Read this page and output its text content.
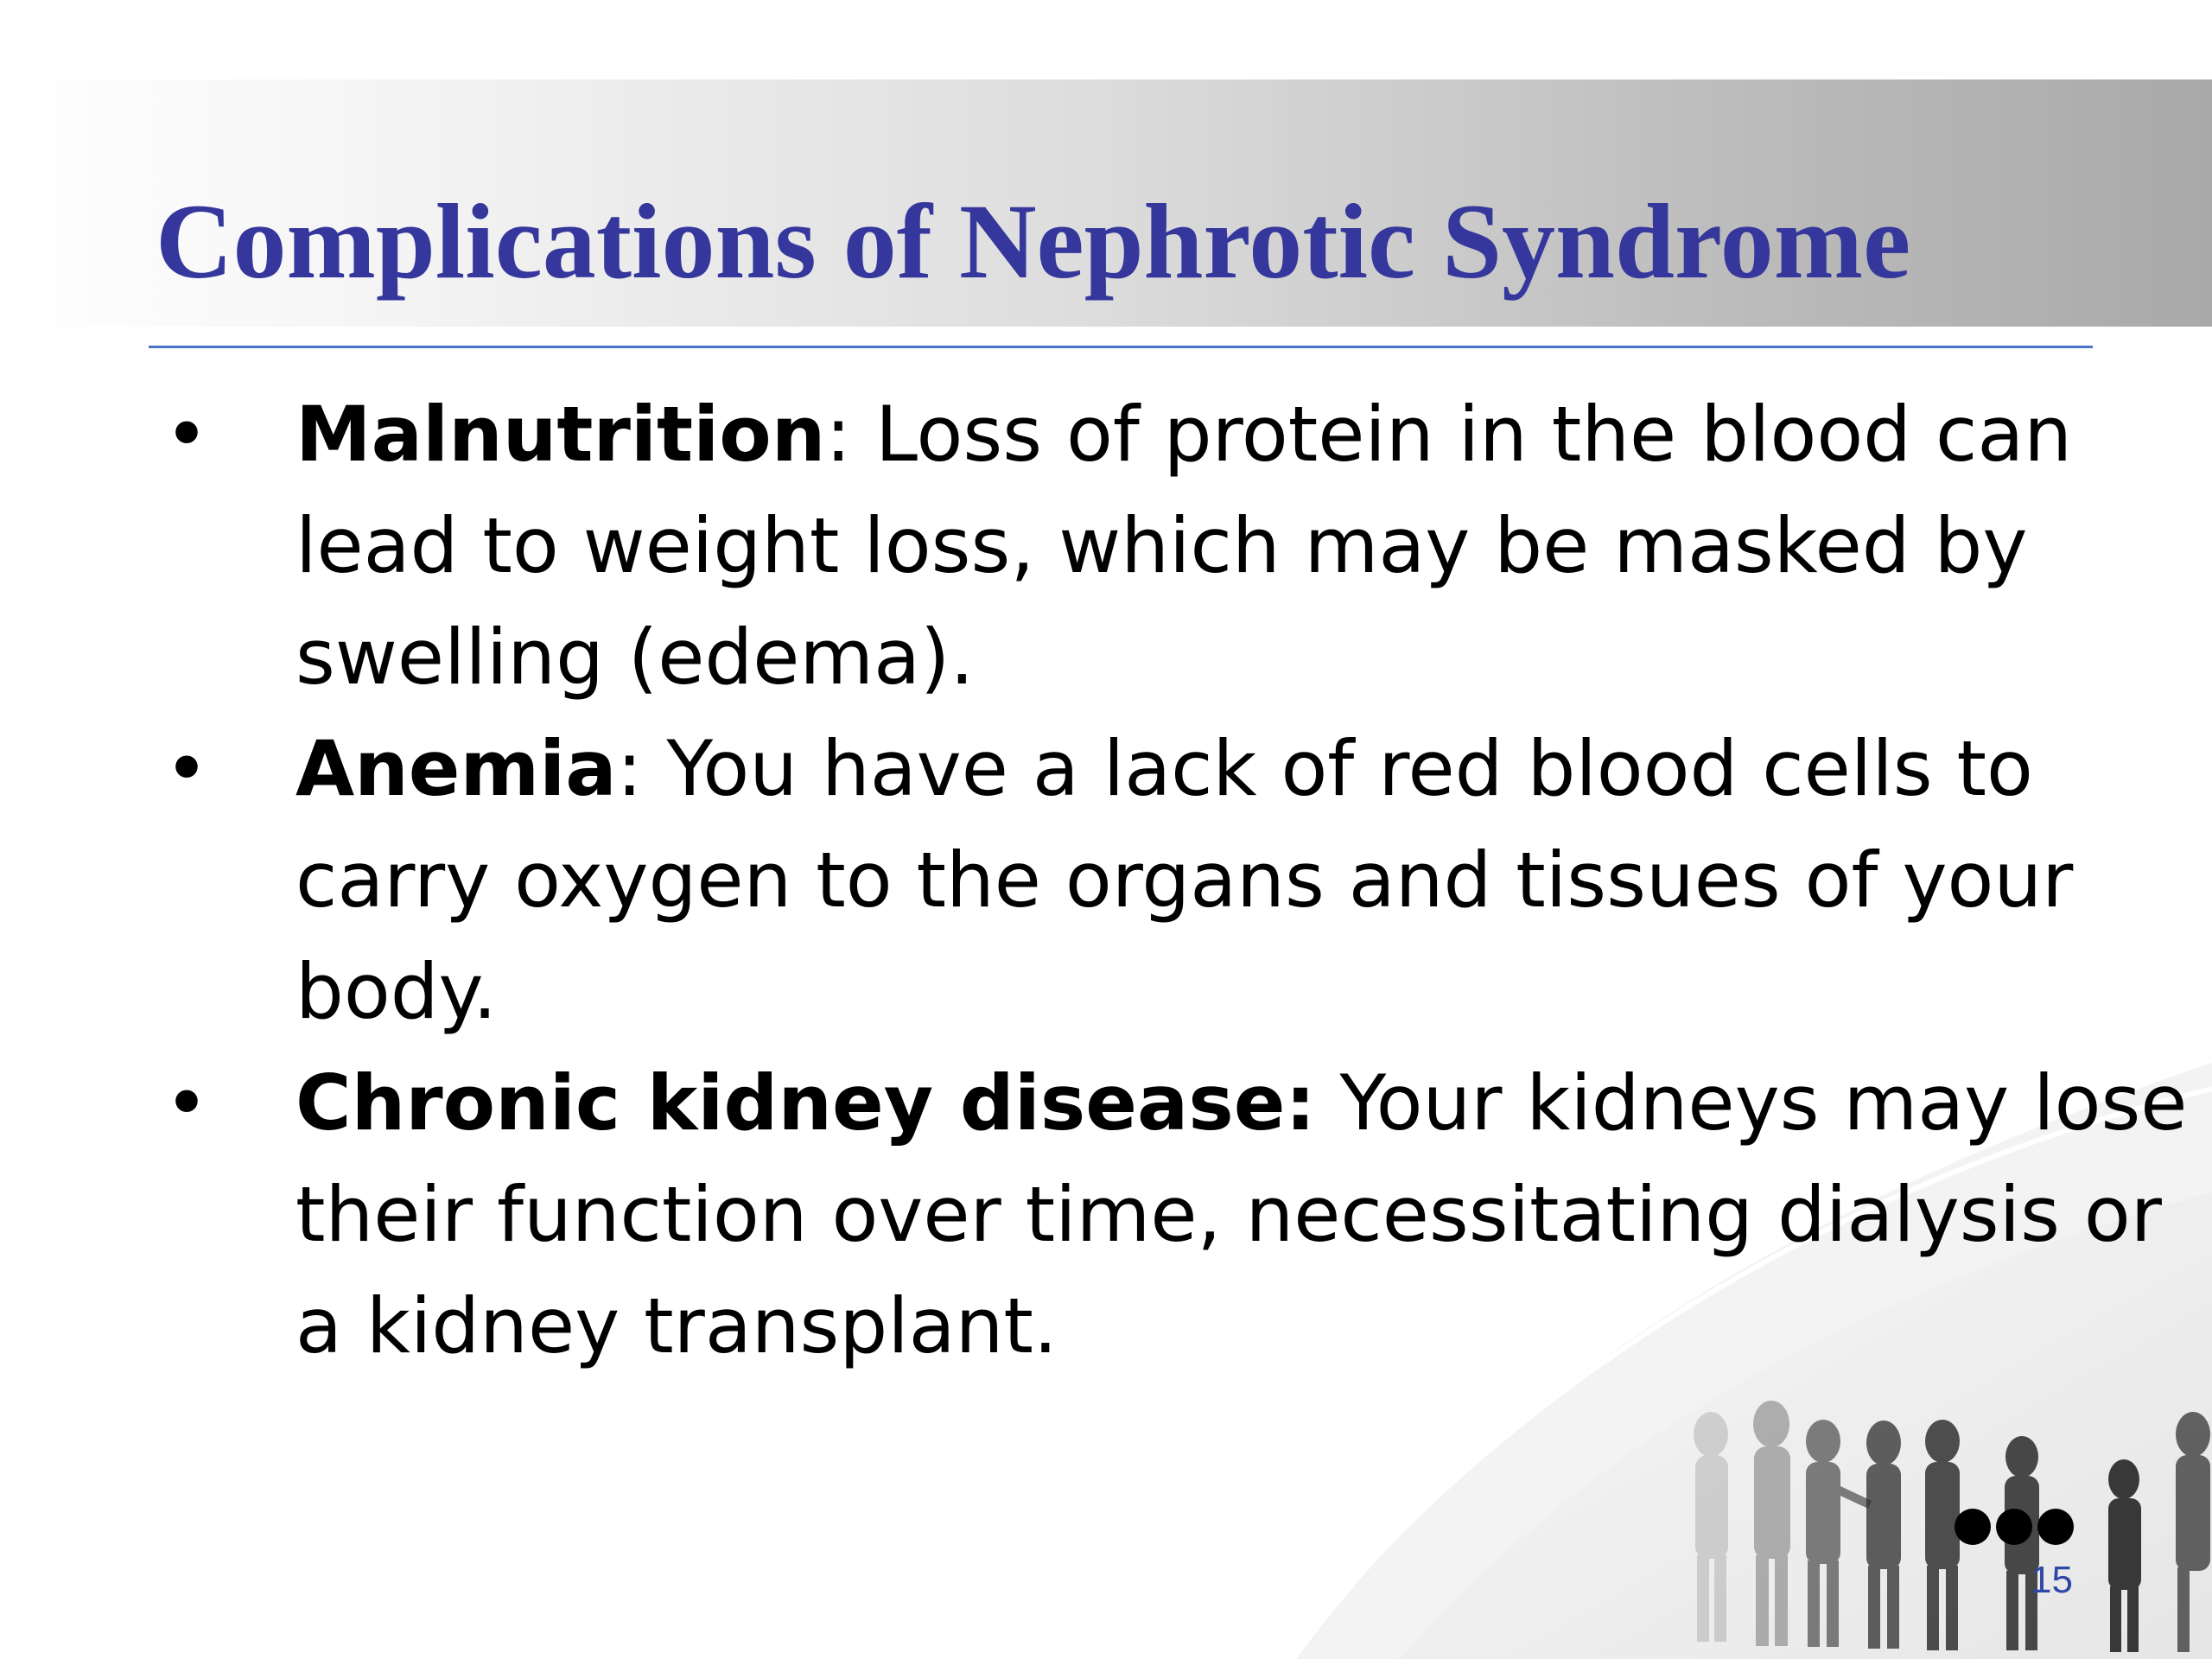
Complications of Nephrotic Syndrome
• Malnutrition: Loss of protein in the blood can lead to weight loss, which may be masked by swelling (edema).
• Anemia: You have a lack of red blood cells to carry oxygen to the organs and tissues of your body.
• Chronic kidney disease: Your kidneys may lose their function over time, necessitating dialysis or a kidney transplant.
15
